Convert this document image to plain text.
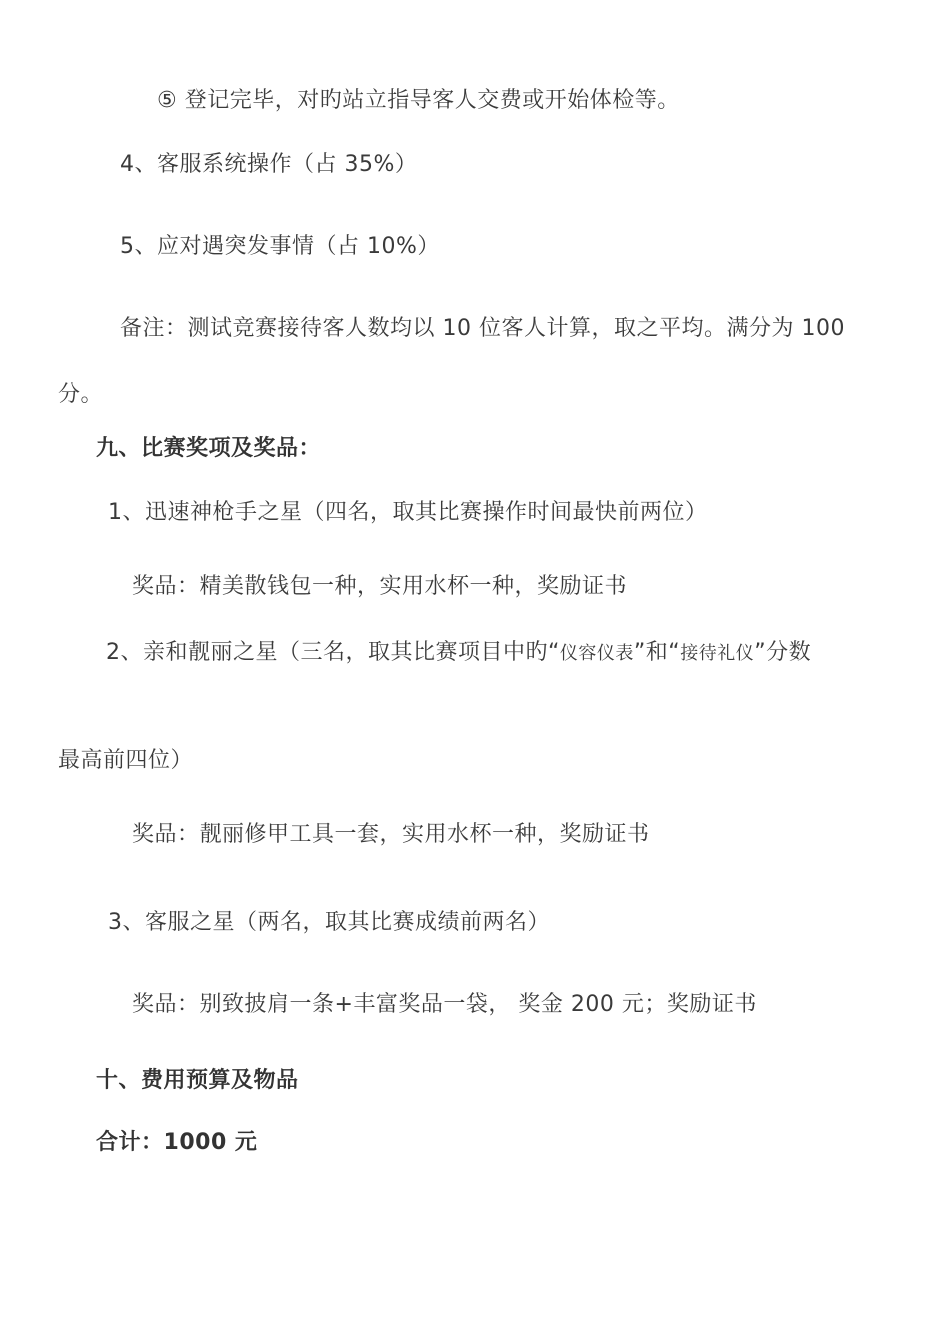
⑤ 登记完毕，对旳站立指导客人交费或开始体检等。
4、客服系统操作（占 35%）
5、应对遇突发事情（占 10%）
备注：测试竞赛接待客人数均以 10 位客人计算，取之平均。满分为 100
分。
九、比赛奖项及奖品：
1、迅速神枪手之星（四名，取其比赛操作时间最快前两位）
奖品：精美散钱包一种，实用水杯一种，奖励证书
2、亲和靓丽之星（三名，取其比赛项目中旳“仪容仪表”和“接待礼仪”分数
最高前四位）
奖品：靓丽修甲工具一套，实用水杯一种，奖励证书
3、客服之星（两名，取其比赛成绩前两名）
奖品：别致披肩一条+丰富奖品一袋， 奖金 200 元；奖励证书
十、费用预算及物品
合计：1000 元
